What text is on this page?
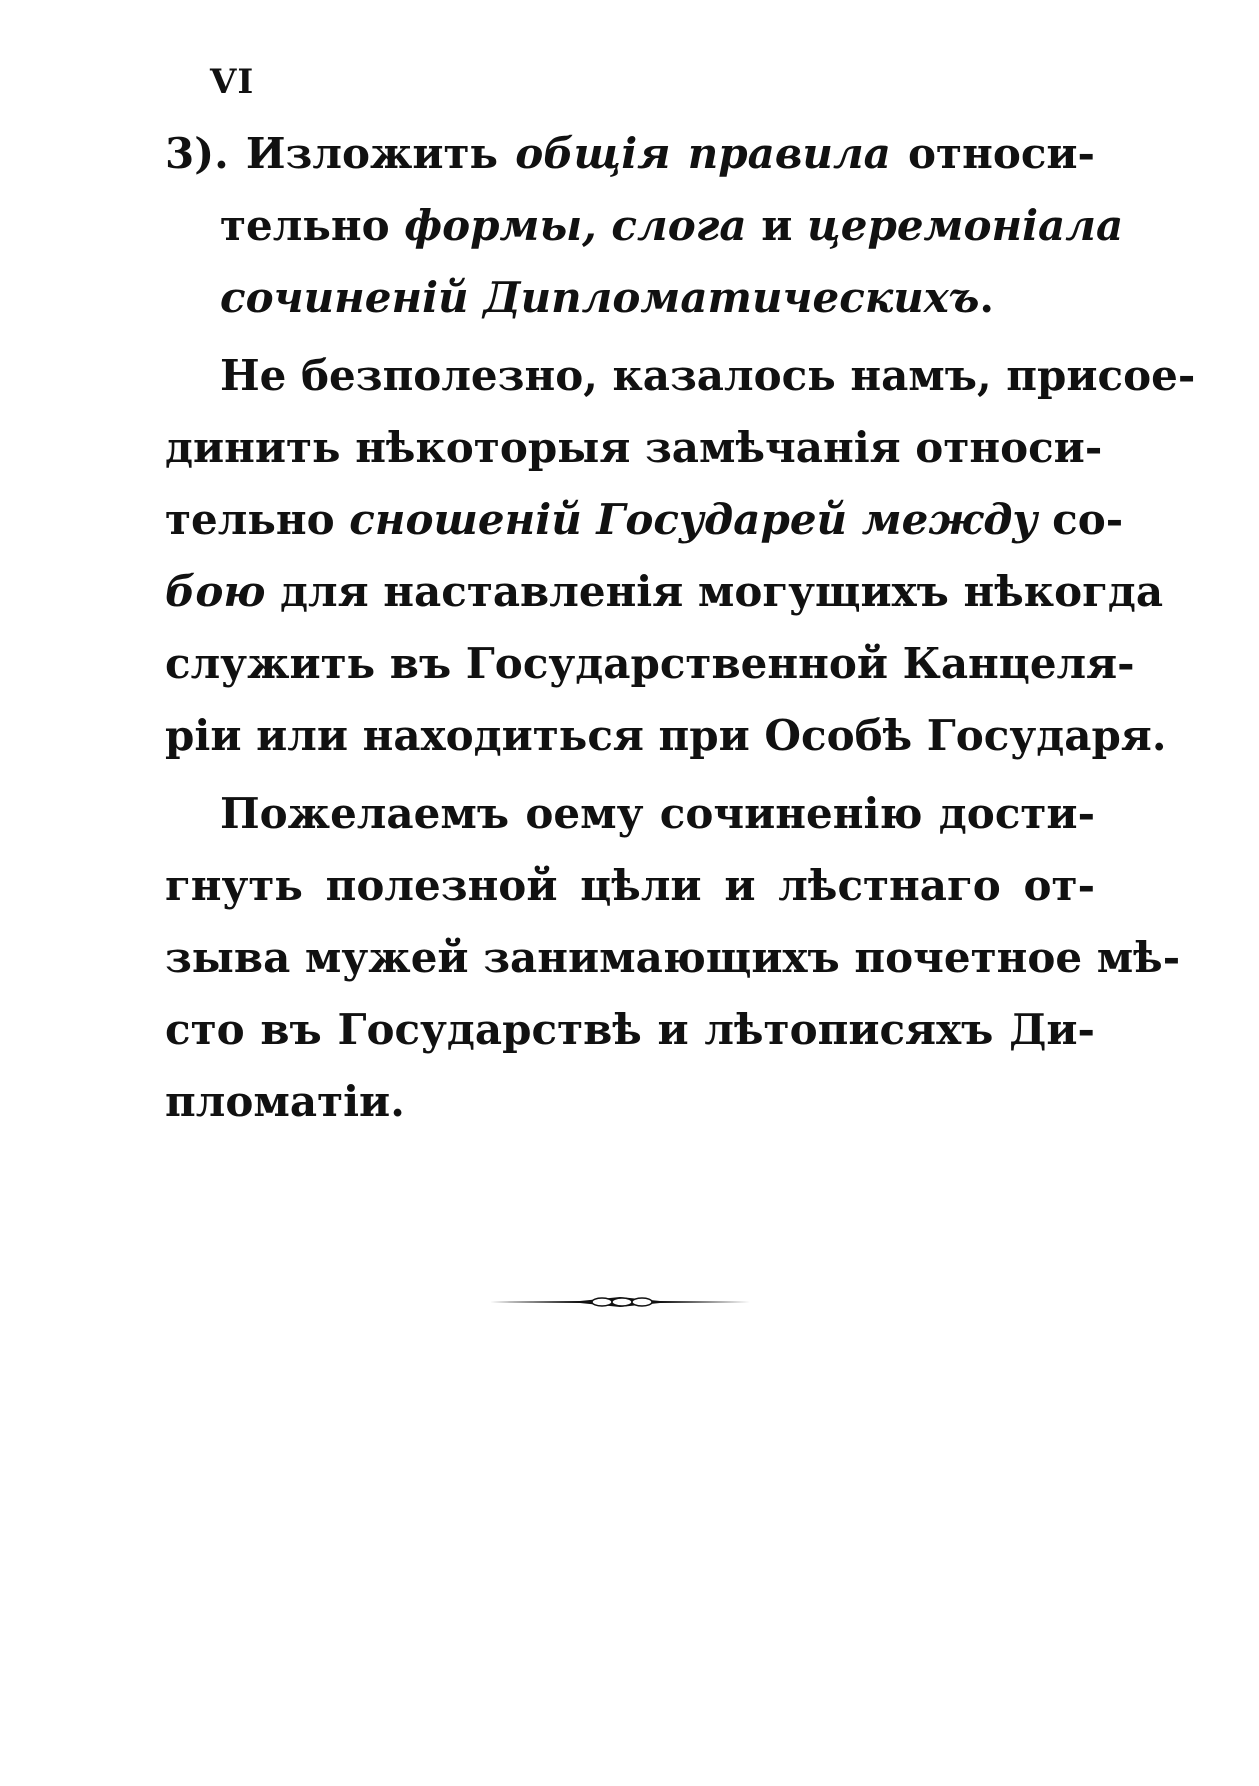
VI
3). Изложить общія правила относи-
тельно формы, слога и церемоніала
сочиненій Дипломатическихъ.
Не безполезно, казалось намъ, присое-
динить нѣкоторыя замѣчанія относи-
тельно сношеній Государей между со-
бою для наставленія могущихъ нѣкогда
служить въ Государственной Канцеля-
ріи или находиться при Особѣ Государя.
Пожелаемъ оему сочиненію дости-
гнуть полезной цѣли и лѣстнаго от-
зыва мужей занимающихъ почетное мѣ-
сто въ Государствѣ и лѣтописяхъ Ди-
пломатіи.
